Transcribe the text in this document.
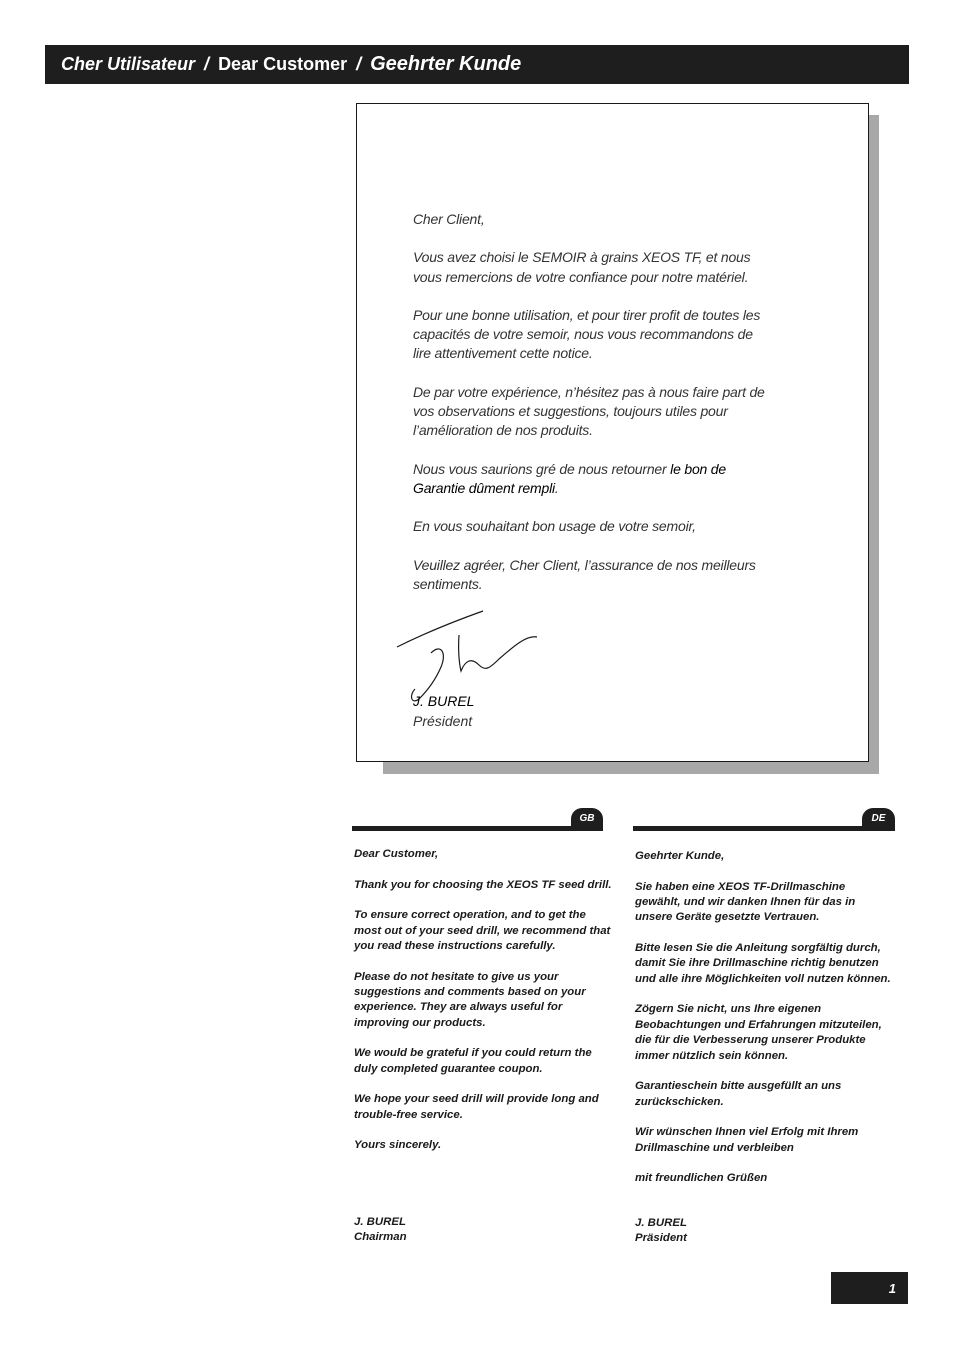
Cher Utilisateur / Dear Customer / Geehrter Kunde

Cher Client,

Vous avez choisi le SEMOIR à grains XEOS TF, et nous vous remercions de votre confiance pour notre matériel.

Pour une bonne utilisation, et pour tirer profit de toutes les capacités de votre semoir, nous vous recommandons de lire attentivement cette notice.

De par votre expérience, n’hésitez pas à nous faire part de vos observations et suggestions, toujours utiles pour l’amélioration de nos produits.

Nous vous saurions gré de nous retourner le bon de Garantie dûment rempli.

En vous souhaitant bon usage de votre semoir,

Veuillez agréer, Cher Client, l’assurance de nos meilleurs sentiments.

J. BUREL
Président
GB

Dear Customer,

Thank you for choosing the XEOS TF seed drill.

To ensure correct operation, and to get the most out of your seed drill, we recommend that you read these instructions carefully.

Please do not hesitate to give us your suggestions and comments based on your experience. They are always useful for improving our products.

We would be grateful if you could return the duly completed guarantee coupon.

We hope your seed drill will provide long and trouble-free service.

Yours sincerely.

J. BUREL
Chairman
DE

Geehrter Kunde,

Sie haben eine XEOS TF-Drillmaschine gewählt, und wir danken Ihnen für das in unsere Geräte gesetzte Vertrauen.

Bitte lesen Sie die Anleitung sorgfältig durch, damit Sie ihre Drillmaschine richtig benutzen und alle ihre Möglichkeiten voll nutzen können.

Zögern Sie nicht, uns Ihre eigenen Beobachtungen und Erfahrungen mitzuteilen, die für die Verbesserung unserer Produkte immer nützlich sein können.

Garantieschein bitte ausgefüllt an uns zurückschicken.

Wir wünschen Ihnen viel Erfolg mit Ihrem Drillmaschine und verbleiben

mit freundlichen Grüßen

J. BUREL
Präsident
1
